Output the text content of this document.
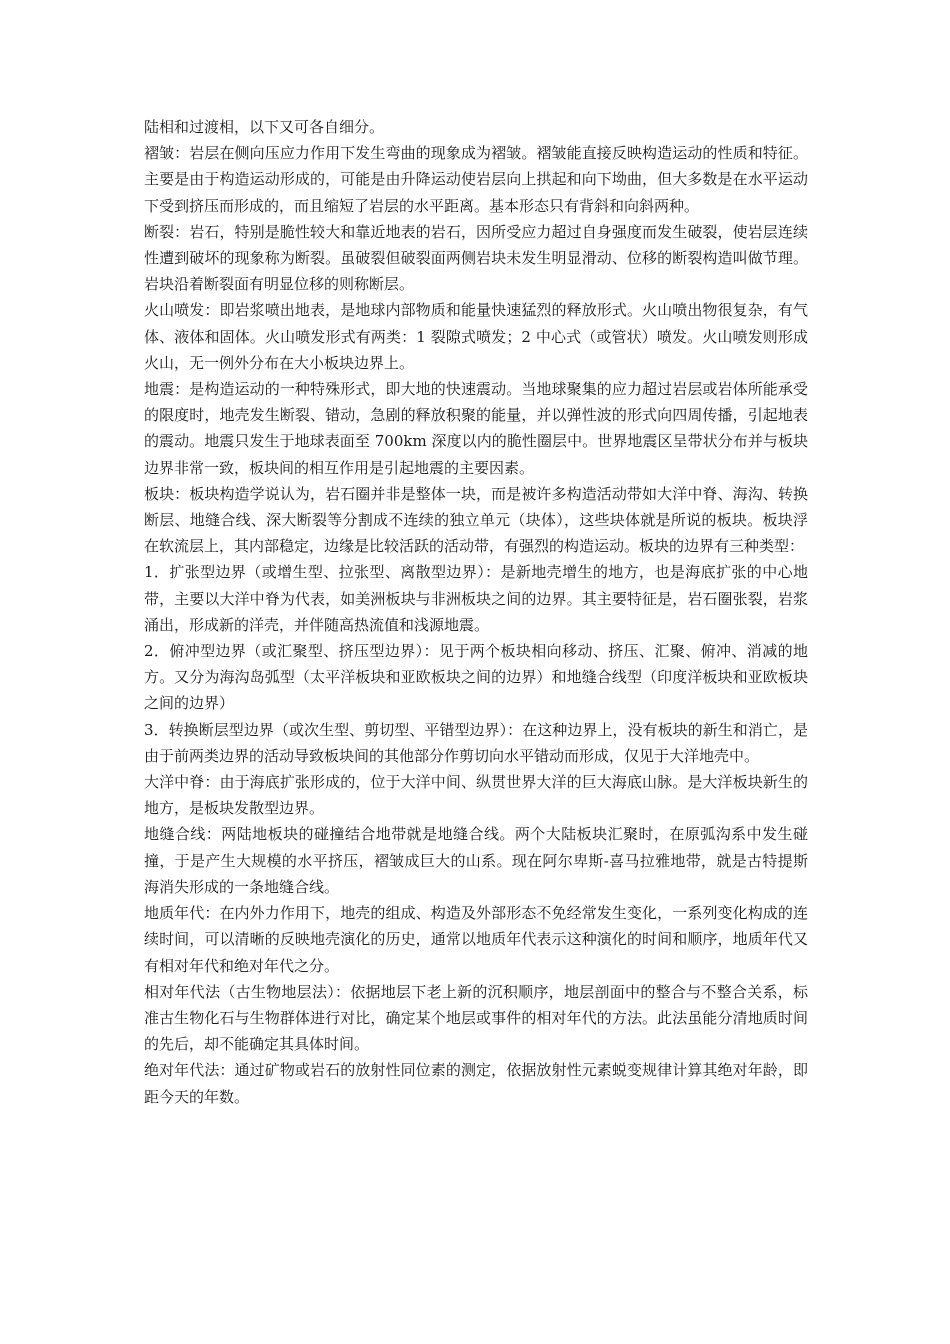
陆相和过渡相，以下又可各自细分。

褶皱：岩层在侧向压应力作用下发生弯曲的现象成为褶皱。褶皱能直接反映构造运动的性质和特征。主要是由于构造运动形成的，可能是由升降运动使岩层向上拱起和向下坳曲，但大多数是在水平运动下受到挤压而形成的，而且缩短了岩层的水平距离。基本形态只有背斜和向斜两种。

断裂：岩石，特别是脆性较大和靠近地表的岩石，因所受应力超过自身强度而发生破裂，使岩层连续性遭到破坏的现象称为断裂。虽破裂但破裂面两侧岩块未发生明显滑动、位移的断裂构造叫做节理。岩块沿着断裂面有明显位移的则称断层。

火山喷发：即岩浆喷出地表，是地球内部物质和能量快速猛烈的释放形式。火山喷出物很复杂，有气体、液体和固体。火山喷发形式有两类：1 裂隙式喷发；2 中心式（或管状）喷发。火山喷发则形成火山，无一例外分布在大小板块边界上。

地震：是构造运动的一种特殊形式，即大地的快速震动。当地球聚集的应力超过岩层或岩体所能承受的限度时，地壳发生断裂、错动，急剧的释放积聚的能量，并以弹性波的形式向四周传播，引起地表的震动。地震只发生于地球表面至 700km 深度以内的脆性圈层中。世界地震区呈带状分布并与板块边界非常一致，板块间的相互作用是引起地震的主要因素。

板块：板块构造学说认为，岩石圈并非是整体一块，而是被许多构造活动带如大洋中脊、海沟、转换断层、地缝合线、深大断裂等分割成不连续的独立单元（块体），这些块体就是所说的板块。板块浮在软流层上，其内部稳定，边缘是比较活跃的活动带，有强烈的构造运动。板块的边界有三种类型：

1．扩张型边界（或增生型、拉张型、离散型边界）：是新地壳增生的地方，也是海底扩张的中心地带，主要以大洋中脊为代表，如美洲板块与非洲板块之间的边界。其主要特征是，岩石圈张裂，岩浆涌出，形成新的洋壳，并伴随高热流值和浅源地震。

2．俯冲型边界（或汇聚型、挤压型边界）：见于两个板块相向移动、挤压、汇聚、俯冲、消减的地方。又分为海沟岛弧型（太平洋板块和亚欧板块之间的边界）和地缝合线型（印度洋板块和亚欧板块之间的边界）

3．转换断层型边界（或次生型、剪切型、平错型边界）：在这种边界上，没有板块的新生和消亡，是由于前两类边界的活动导致板块间的其他部分作剪切向水平错动而形成，仅见于大洋地壳中。

大洋中脊：由于海底扩张形成的，位于大洋中间、纵贯世界大洋的巨大海底山脉。是大洋板块新生的地方，是板块发散型边界。

地缝合线：两陆地板块的碰撞结合地带就是地缝合线。两个大陆板块汇聚时，在原弧沟系中发生碰撞，于是产生大规模的水平挤压，褶皱成巨大的山系。现在阿尔卑斯-喜马拉雅地带，就是古特提斯海消失形成的一条地缝合线。

地质年代：在内外力作用下，地壳的组成、构造及外部形态不免经常发生变化，一系列变化构成的连续时间，可以清晰的反映地壳演化的历史，通常以地质年代表示这种演化的时间和顺序，地质年代又有相对年代和绝对年代之分。

相对年代法（古生物地层法）：依据地层下老上新的沉积顺序，地层剖面中的整合与不整合关系，标准古生物化石与生物群体进行对比，确定某个地层或事件的相对年代的方法。此法虽能分清地质时间的先后，却不能确定其具体时间。

绝对年代法：通过矿物或岩石的放射性同位素的测定，依据放射性元素蜕变规律计算其绝对年龄，即距今天的年数。
